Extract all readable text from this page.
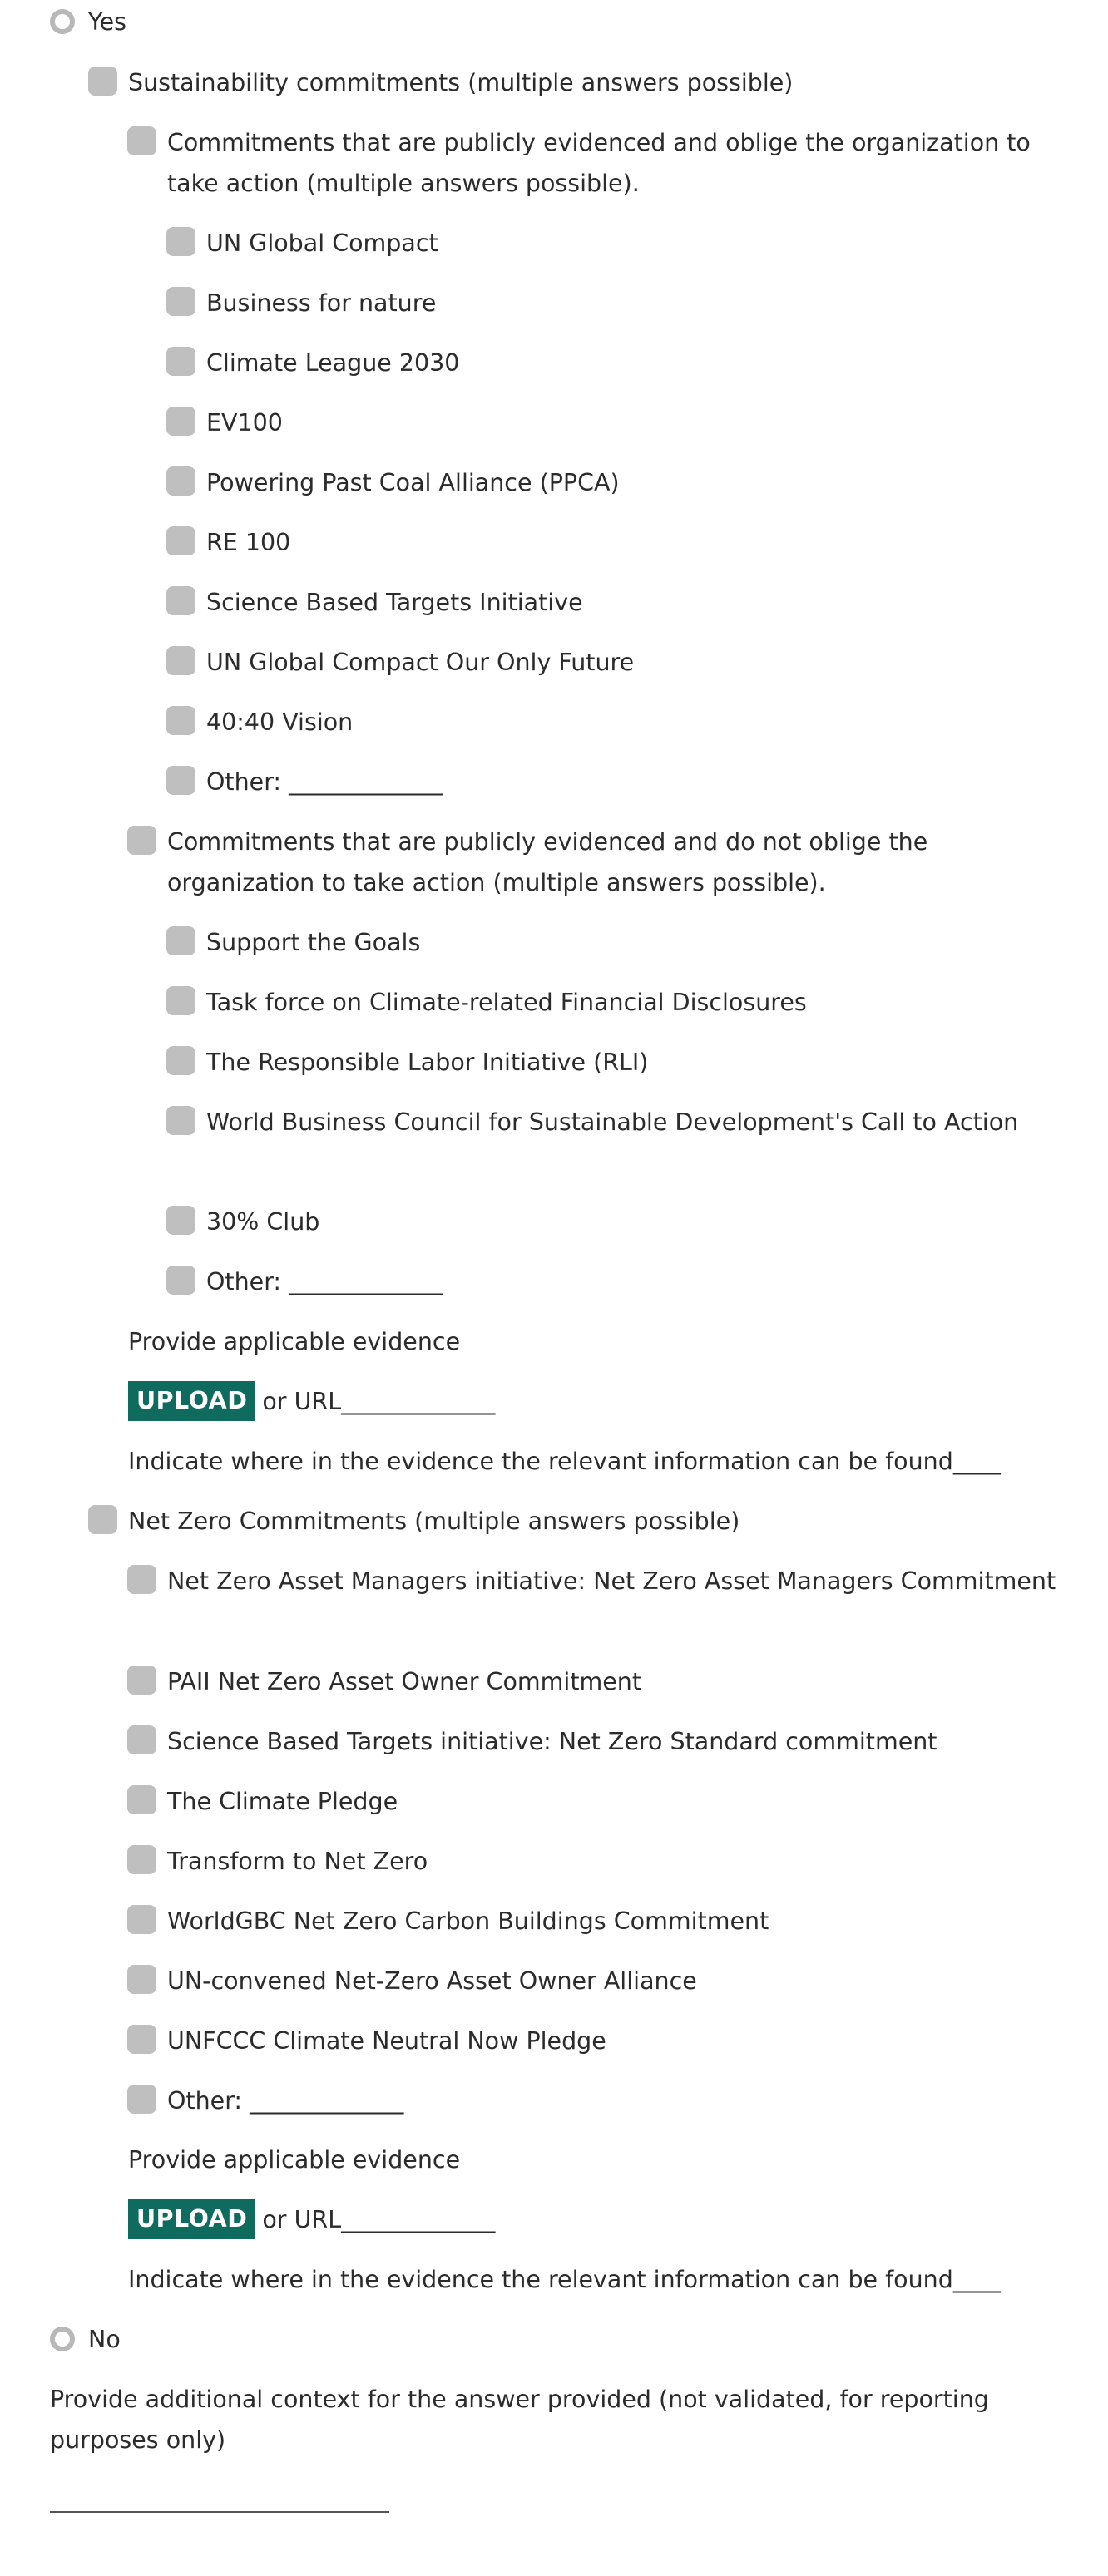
Yes
Sustainability commitments (multiple answers possible)
Commitments that are publicly evidenced and oblige the organization to take action (multiple answers possible).
UN Global Compact
Business for nature
Climate League 2030
EV100
Powering Past Coal Alliance (PPCA)
RE 100
Science Based Targets Initiative
UN Global Compact Our Only Future
40:40 Vision
Other: _____________
Commitments that are publicly evidenced and do not oblige the organization to take action (multiple answers possible).
Support the Goals
Task force on Climate-related Financial Disclosures
The Responsible Labor Initiative (RLI)
World Business Council for Sustainable Development's Call to Action
30% Club
Other: _____________
Provide applicable evidence
UPLOAD or URL_____________
Indicate where in the evidence the relevant information can be found____
Net Zero Commitments (multiple answers possible)
Net Zero Asset Managers initiative: Net Zero Asset Managers Commitment
PAII Net Zero Asset Owner Commitment
Science Based Targets initiative: Net Zero Standard commitment
The Climate Pledge
Transform to Net Zero
WorldGBC Net Zero Carbon Buildings Commitment
UN-convened Net-Zero Asset Owner Alliance
UNFCCC Climate Neutral Now Pledge
Other: _____________
Provide applicable evidence
UPLOAD or URL_____________
Indicate where in the evidence the relevant information can be found____
No
Provide additional context for the answer provided (not validated, for reporting purposes only)
